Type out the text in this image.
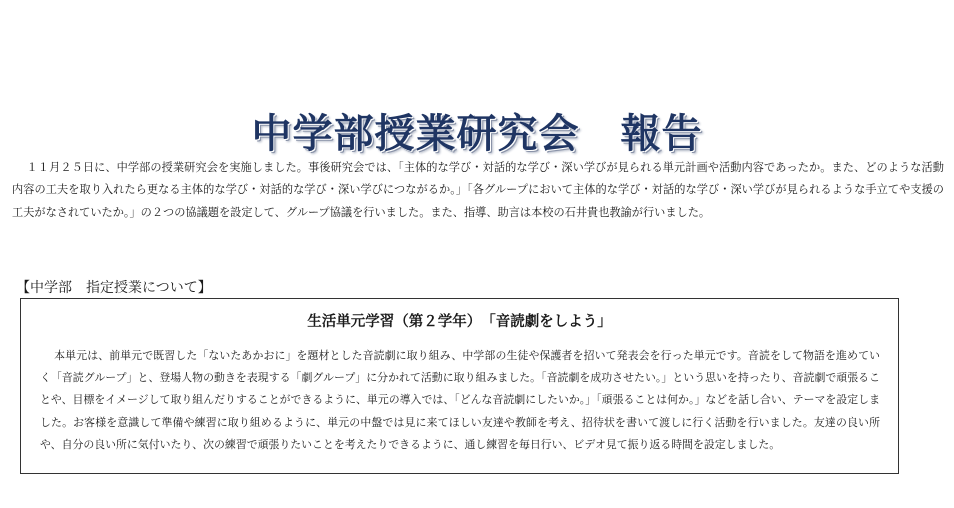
中学部授業研究会　報告

１１月２５日に、中学部の授業研究会を実施しました。事後研究会では、「主体的な学び・対話的な学び・深い学びが見られる単元計画や活動内容であったか。また、どのような活動内容の工夫を取り入れたら更なる主体的な学び・対話的な学び・深い学びにつながるか。」「各グループにおいて主体的な学び・対話的な学び・深い学びが見られるような手立てや支援の工夫がなされていたか。」の２つの協議題を設定して、グループ協議を行いました。また、指導、助言は本校の石井貴也教諭が行いました。

【中学部　指定授業について】
生活単元学習（第２学年）　「音読劇をしよう」

本単元は、前単元で既習した「ないたあかおに」を題材とした音読劇に取り組み、中学部の生徒や保護者を招いて発表会を行った単元です。音読をして物語を進めていく「音読グループ」と、登場人物の動きを表現する「劇グループ」に分かれて活動に取り組みました。「音読劇を成功させたい。」という思いを持ったり、音読劇で頑張ることや、目標をイメージして取り組んだりすることができるように、単元の導入では、「どんな音読劇にしたいか。」「頑張ることは何か。」などを話し合い、テーマを設定しました。お客様を意識して準備や練習に取り組めるように、単元の中盤では見に来てほしい友達や教師を考え、招待状を書いて渡しに行く活動を行いました。友達の良い所や、自分の良い所に気付いたり、次の練習で頑張りたいことを考えたりできるように、通し練習を毎日行い、ビデオ見て振り返る時間を設定しました。
